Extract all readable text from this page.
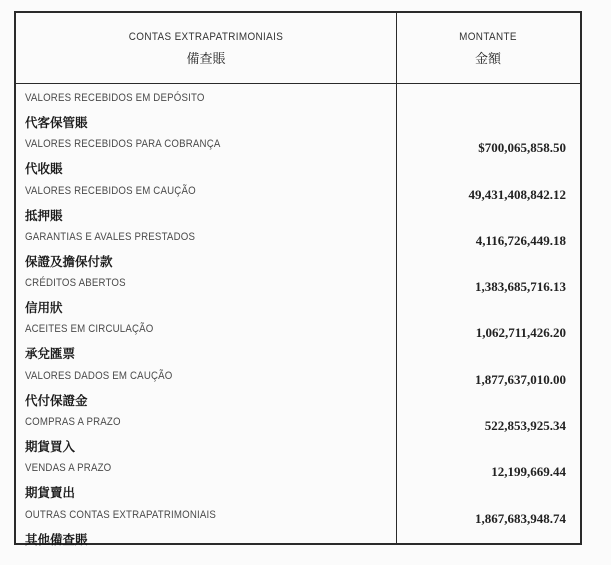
CONTAS EXTRAPATRIMONIAIS
備查賬
MONTANTE
金額
VALORES RECEBIDOS EM DEPÓSITO
代客保管賬
VALORES RECEBIDOS PARA COBRANÇA
代收賬
$700,065,858.50
VALORES RECEBIDOS EM CAUÇÃO
抵押賬
49,431,408,842.12
GARANTIAS E AVALES PRESTADOS
保證及擔保付款
4,116,726,449.18
CRÉDITOS ABERTOS
信用狀
1,383,685,716.13
ACEITES EM CIRCULAÇÃO
承兌匯票
1,062,711,426.20
VALORES DADOS EM CAUÇÃO
代付保證金
1,877,637,010.00
COMPRAS A PRAZO
期貨買入
522,853,925.34
VENDAS A PRAZO
期貨賣出
12,199,669.44
OUTRAS CONTAS EXTRAPATRIMONIAIS
其他備查賬
1,867,683,948.74
